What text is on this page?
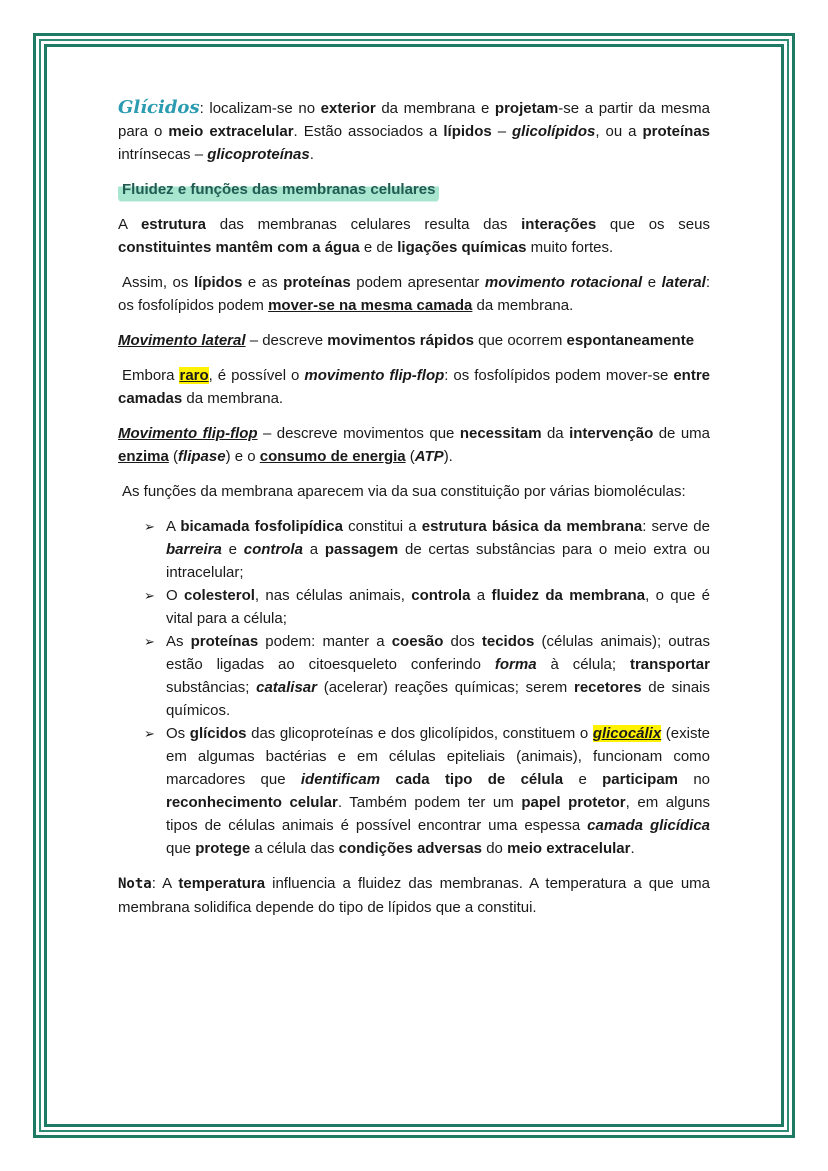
Glícidos: localizam-se no exterior da membrana e projetam-se a partir da mesma para o meio extracelular. Estão associados a lípidos – glicolípidos, ou a proteínas intrínsecas – glicoproteínas.

Fluidez e funções das membranas celulares

A estrutura das membranas celulares resulta das interações que os seus constituintes mantêm com a água e de ligações químicas muito fortes.

Assim, os lípidos e as proteínas podem apresentar movimento rotacional e lateral: os fosfolípidos podem mover-se na mesma camada da membrana.

Movimento lateral – descreve movimentos rápidos que ocorrem espontaneamente

Embora raro, é possível o movimento flip-flop: os fosfolípidos podem mover-se entre camadas da membrana.

Movimento flip-flop – descreve movimentos que necessitam da intervenção de uma enzima (flipase) e o consumo de energia (ATP).

As funções da membrana aparecem via da sua constituição por várias biomoléculas:

➢ A bicamada fosfolipídica constitui a estrutura básica da membrana: serve de barreira e controla a passagem de certas substâncias para o meio extra ou intracelular;
➢ O colesterol, nas células animais, controla a fluidez da membrana, o que é vital para a célula;
➢ As proteínas podem: manter a coesão dos tecidos (células animais); outras estão ligadas ao citoesqueleto conferindo forma à célula; transportar substâncias; catalisar (acelerar) reações químicas; serem recetores de sinais químicos.
➢ Os glícidos das glicoproteínas e dos glicolípidos, constituem o glicocálix (existe em algumas bactérias e em células epiteliais (animais), funcionam como marcadores que identificam cada tipo de célula e participam no reconhecimento celular. Também podem ter um papel protetor, em alguns tipos de células animais é possível encontrar uma espessa camada glicídica que protege a célula das condições adversas do meio extracelular.

Nota: A temperatura influencia a fluidez das membranas. A temperatura a que uma membrana solidifica depende do tipo de lípidos que a constitui.
